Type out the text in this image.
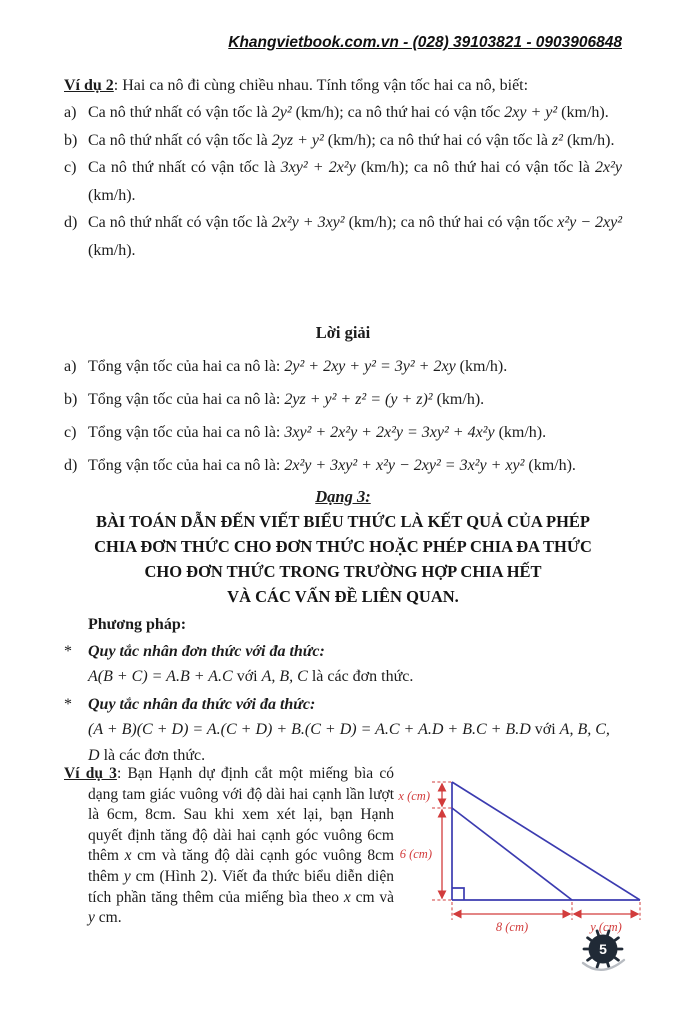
Khangvietbook.com.vn - (028) 39103821 - 0903906848

Ví dụ 2: Hai ca nô đi cùng chiều nhau. Tính tổng vận tốc hai ca nô, biết:

a) Ca nô thứ nhất có vận tốc là 2y² (km/h); ca nô thứ hai có vận tốc 2xy + y² (km/h).
b) Ca nô thứ nhất có vận tốc là 2yz + y² (km/h); ca nô thứ hai có vận tốc là z² (km/h).
c) Ca nô thứ nhất có vận tốc là 3xy² + 2x²y (km/h); ca nô thứ hai có vận tốc là 2x²y (km/h).
d) Ca nô thứ nhất có vận tốc là 2x²y + 3xy² (km/h); ca nô thứ hai có vận tốc x²y − 2xy² (km/h).
Lời giải
a) Tổng vận tốc của hai ca nô là: 2y² + 2xy + y² = 3y² + 2xy (km/h).
b) Tổng vận tốc của hai ca nô là: 2yz + y² + z² = (y + z)² (km/h).
c) Tổng vận tốc của hai ca nô là: 3xy² + 2x²y + 2x²y = 3xy² + 4x²y (km/h).
d) Tổng vận tốc của hai ca nô là: 2x²y + 3xy² + x²y − 2xy² = 3x²y + xy² (km/h).
Dạng 3:
BÀI TOÁN DẪN ĐẾN VIẾT BIỂU THỨC LÀ KẾT QUẢ CỦA PHÉP
CHIA ĐƠN THỨC CHO ĐƠN THỨC HOẶC PHÉP CHIA ĐA THỨC
CHO ĐƠN THỨC TRONG TRƯỜNG HỢP CHIA HẾT
VÀ CÁC VẤN ĐỀ LIÊN QUAN.
Phương pháp:
*	Quy tắc nhân đơn thức với đa thức:
A(B + C) = A.B + A.C với A, B, C là các đơn thức.
*	Quy tắc nhân đa thức với đa thức:
(A + B)(C + D) = A.(C + D) + B.(C + D) = A.C + A.D + B.C + B.D với A, B, C, D là các đơn thức.

Ví dụ 3: Bạn Hạnh dự định cắt một miếng bìa có dạng tam giác vuông với độ dài hai cạnh lần lượt là 6cm, 8cm. Sau khi xem xét lại, bạn Hạnh quyết định tăng độ dài hai cạnh góc vuông 6cm thêm x cm và tăng độ dài cạnh góc vuông 8cm thêm y cm (Hình 2). Viết đa thức biểu diễn diện tích phần tăng thêm của miếng bìa theo x cm và y cm.

x (cm)
6 (cm)
8 (cm)	y (cm)
5
